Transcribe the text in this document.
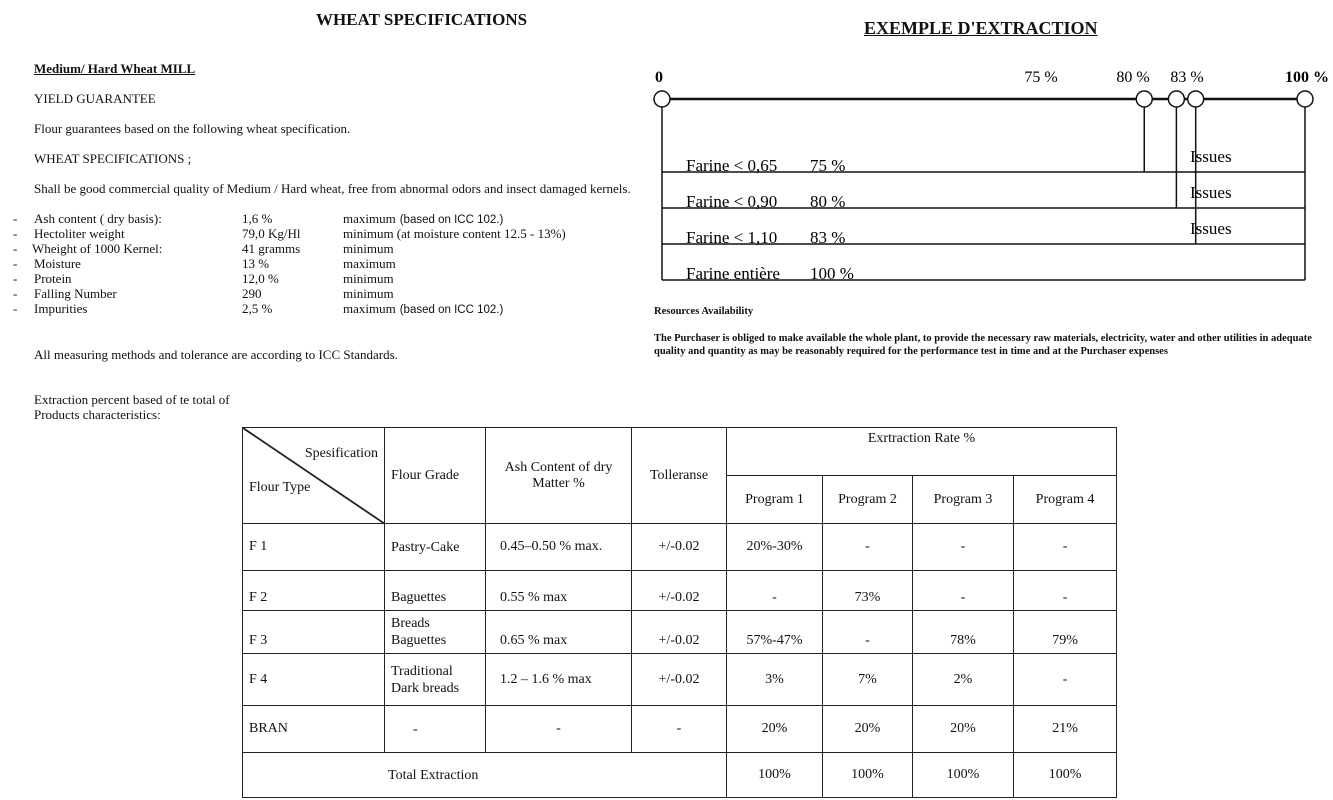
WHEAT SPECIFICATIONS
Medium/ Hard Wheat MILL
YIELD GUARANTEE
Flour guarantees based on the following wheat specification.
WHEAT SPECIFICATIONS ;
Shall be good commercial quality of Medium / Hard wheat, free from abnormal odors and insect damaged kernels.
- Ash content ( dry basis):	1,6 %	maximum (based on ICC 102.)
- Hectoliter weight	79,0 Kg/Hl	minimum (at moisture content 12.5 - 13%)
- Wheight of 1000 Kernel:	41 gramms	minimum
- Moisture	13 %	maximum
- Protein	12,0 %	minimum
- Falling Number	290	minimum
- Impurities	2,5 %	maximum (based on ICC 102.)
All measuring methods and tolerance are according to ICC Standards.
Extraction percent based of te total of
Products characteristics:
EXEMPLE D'EXTRACTION
0	75 %	80 % 83 %	100 %
Farine < 0,65 75 %	Issues
Farine < 0,90 80 %	Issues
Farine < 1,10 83 %	Issues
Farine entière 100 %
Resources Availability
The Purchaser is obliged to make available the whole plant, to provide the necessary raw materials, electricity, water and other utilities in adequate quality and quantity as may be reasonably required for the performance test in time and at the Purchaser expenses
Spesification
Flour Type	Flour Grade	Ash Content of dry Matter %	Tolleranse	Exrtraction Rate %			
				Program 1	Program 2	Program 3	Program 4
F 1	Pastry-Cake	0.45–0.50 % max.	+/-0.02	20%-30%	-	-	-
F 2	Baguettes	0.55 % max	+/-0.02	-	73%	-	-
F 3	Breads Baguettes	0.65 % max	+/-0.02	57%-47%	-	78%	79%
F 4	Traditional Dark breads	1.2 – 1.6 % max	+/-0.02	3%	7%	2%	-
BRAN	-	-	-	20%	20%	20%	21%
Total Extraction				100%	100%	100%	100%
